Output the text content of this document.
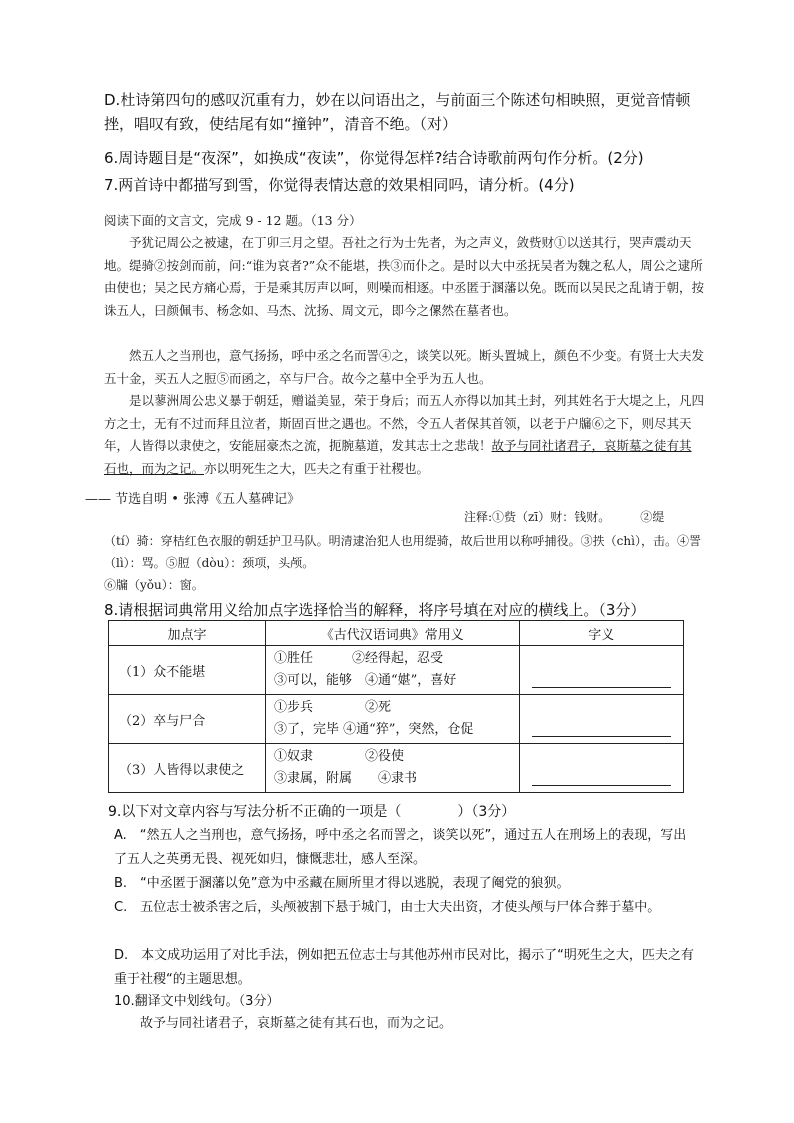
D.杜诗第四句的感叹沉重有力，妙在以问语出之，与前面三个陈述句相映照，更觉音情顿挫，唱叹有致，使结尾有如“撞钟”，清音不绝。（对）
6.周诗题目是“夜深”，如换成“夜读”，你觉得怎样?结合诗歌前两句作分析。(2分)
7.两首诗中都描写到雪，你觉得表情达意的效果相同吗，请分析。(4分)
阅读下面的文言文，完成 9 - 12 题。（13 分）
予犹记周公之被逮，在丁卯三月之望。吾社之行为士先者，为之声义，敛赀财①以送其行，哭声震动天地。缇骑②按剑而前，问:“谁为哀者?”众不能堪，抶③而仆之。是时以大中丞抚吴者为魏之私人，周公之逮所由使也；吴之民方痛心焉，于是乘其厉声以呵，则噪而相逐。中丞匿于溷藩以免。既而以吴民之乱请于朝，按诛五人，曰颜佩韦、杨念如、马杰、沈扬、周文元，即今之傫然在墓者也。
然五人之当刑也，意气扬扬，呼中丞之名而詈④之，谈笑以死。断头置城上，颜色不少变。有贤士大夫发五十金，买五人之脰⑤而函之，卒与尸合。故今之墓中全乎为五人也。
是以蓼洲周公忠义暴于朝廷，赠谥美显，荣于身后；而五人亦得以加其土封，列其姓名于大堤之上，凡四方之士，无有不过而拜且泣者，斯固百世之遇也。不然，令五人者保其首领，以老于户牖⑥之下，则尽其天年，人皆得以隶使之，安能屈豪杰之流，扼腕墓道，发其志士之悲哉！故予与同社诸君子，哀斯墓之徒有其石也，而为之记。亦以明死生之大，匹夫之有重于社稷也。
—— 节选自明 • 张溥《五人墓碑记》
注释:①赀（zī）财：钱财。　　　②缇
（tí）骑：穿桔红色衣服的朝廷护卫马队。明清逮治犯人也用缇骑，故后世用以称呼捕役。③抶（chì），击。④詈（lì）：骂。⑤脰（dòu）：颈项，头颅。
⑥牖（yǒu）：窗。
8.请根据词典常用义给加点字选择恰当的解释，将序号填在对应的横线上。（3分）
加点字	《古代汉语词典》常用义	字义
（1）众不能堪	①胜任　　　②经得起，忍受
③可以，能够　④通“媅”，喜好	

（2）卒与尸合	①步兵　　　　②死
③了，完毕 ④通“猝”，突然，仓促	

（3）人皆得以隶使之	①奴隶　　　　②役使
③隶属，附属　　④隶书	

9.以下对文章内容与写法分析不正确的一项是（　　　　）（3分）
A.　“然五人之当刑也，意气扬扬，呼中丞之名而詈之，谈笑以死”，通过五人在刑场上的表现，写出了五人之英勇无畏、视死如归，慷慨悲壮，感人至深。
B.　“中丞匿于溷藩以免”意为中丞藏在厕所里才得以逃脱，表现了阉党的狼狈。
C.　五位志士被杀害之后，头颅被割下悬于城门，由士大夫出资，才使头颅与尸体合葬于墓中。
D.　本文成功运用了对比手法，例如把五位志士与其他苏州市民对比，揭示了“明死生之大，匹夫之有重于社稷“的主题思想。
10.翻译文中划线句。（3分）
故予与同社诸君子，哀斯墓之徒有其石也，而为之记。
